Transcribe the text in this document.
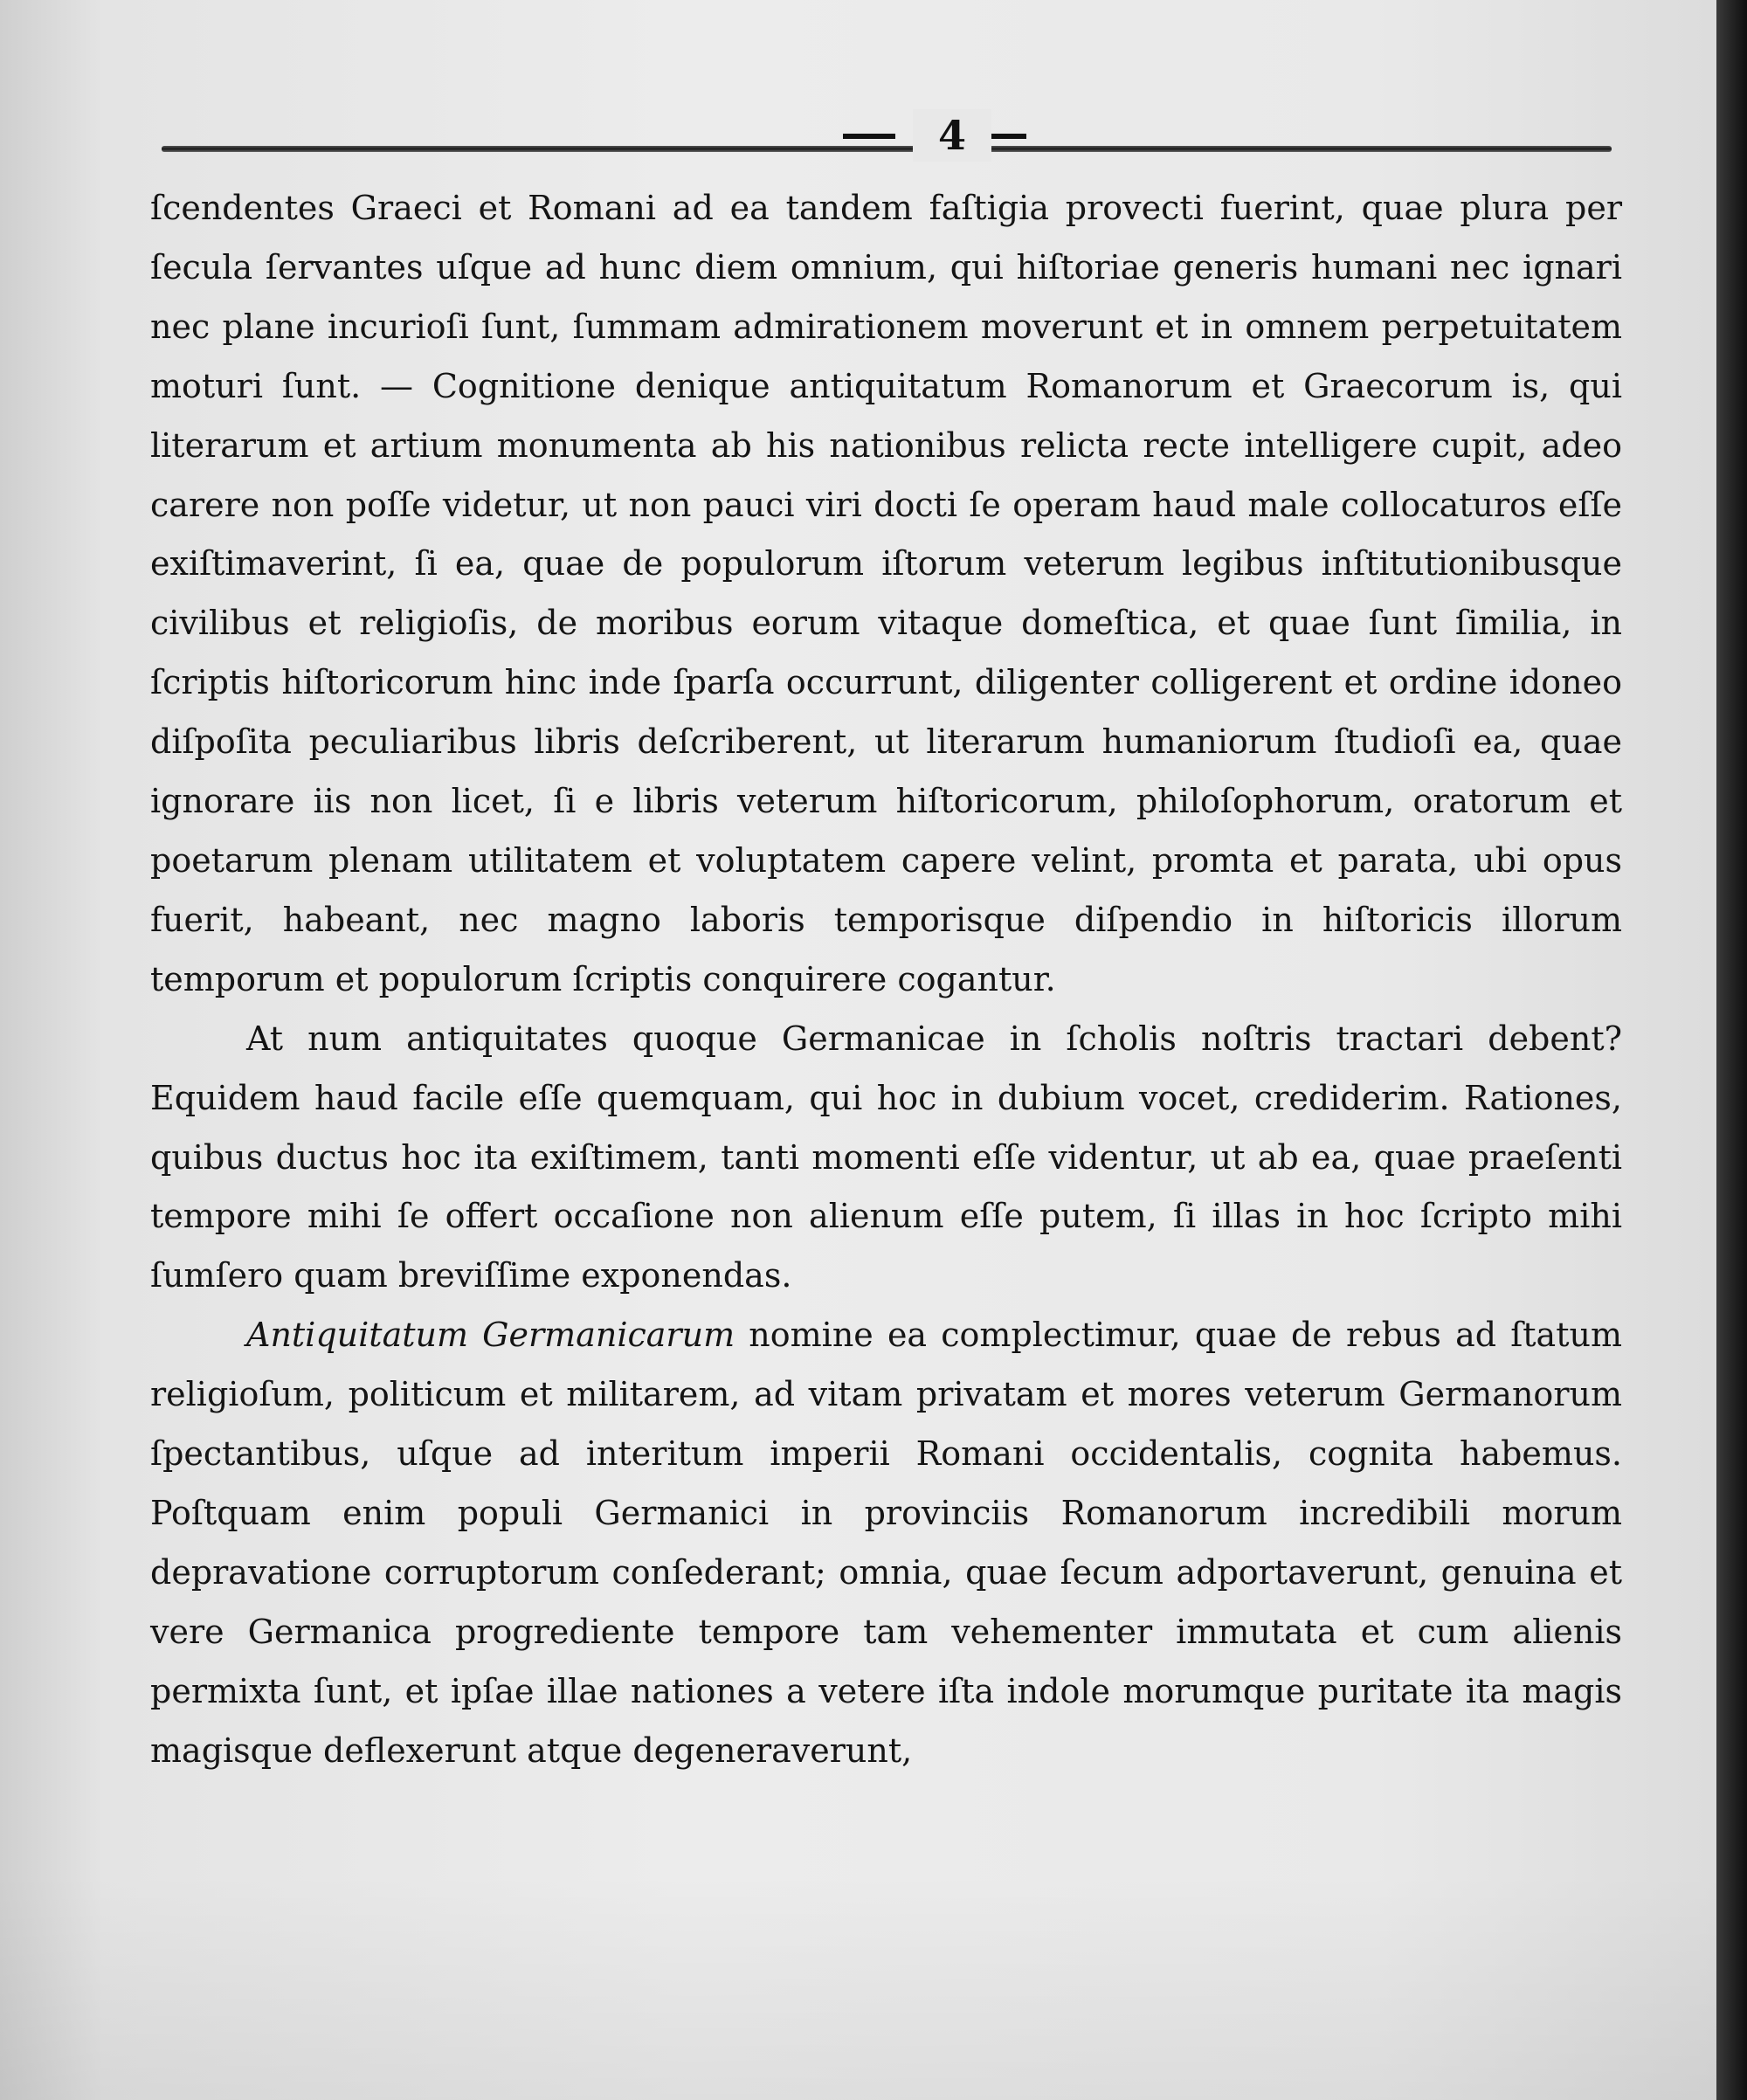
4

ſcendentes Graeci et Romani ad ea tandem faſtigia provecti fuerint, quae plura per ſecula ſervantes uſque ad hunc diem omnium, qui hiſtoriae generis humani nec ignari nec plane incurioſi ſunt, ſummam admirationem moverunt et in omnem perpetuitatem moturi ſunt. — Cognitione denique antiquitatum Romanorum et Graecorum is, qui literarum et artium monumenta ab his nationibus relicta recte intelligere cupit, adeo carere non poſſe videtur, ut non pauci viri docti ſe operam haud male collocaturos eſſe exiſtimaverint, ſi ea, quae de populorum iſtorum veterum legibus inſtitutionibusque civilibus et religioſis, de moribus eorum vitaque domeſtica, et quae ſunt ſimilia, in ſcriptis hiſtoricorum hinc inde ſparſa occurrunt, diligenter colligerent et ordine idoneo diſpoſita peculiaribus libris deſcriberent, ut literarum humaniorum ſtudioſi ea, quae ignorare iis non licet, ſi e libris veterum hiſtoricorum, philoſophorum, oratorum et poetarum plenam utilitatem et voluptatem capere velint, promta et parata, ubi opus fuerit, habeant, nec magno laboris temporisque diſpendio in hiſtoricis illorum temporum et populorum ſcriptis conquirere cogantur.

At num antiquitates quoque Germanicae in ſcholis noſtris tractari debent? Equidem haud facile eſſe quemquam, qui hoc in dubium vocet, crediderim. Rationes, quibus ductus hoc ita exiſtimem, tanti momenti eſſe videntur, ut ab ea, quae praeſenti tempore mihi ſe offert occaſione non alienum eſſe putem, ſi illas in hoc ſcripto mihi ſumſero quam breviſſime exponendas.

Antiquitatum Germanicarum nomine ea complectimur, quae de rebus ad ſtatum religioſum, politicum et militarem, ad vitam privatam et mores veterum Germanorum ſpectantibus, uſque ad interitum imperii Romani occidentalis, cognita habemus. Poſtquam enim populi Germanici in provinciis Romanorum incredibili morum depravatione corruptorum conſederant; omnia, quae ſecum adportaverunt, genuina et vere Germanica progrediente tempore tam vehementer immutata et cum alienis permixta ſunt, et ipſae illae nationes a vetere iſta indole morumque puritate ita magis magisque deflexerunt atque degeneraverunt,
